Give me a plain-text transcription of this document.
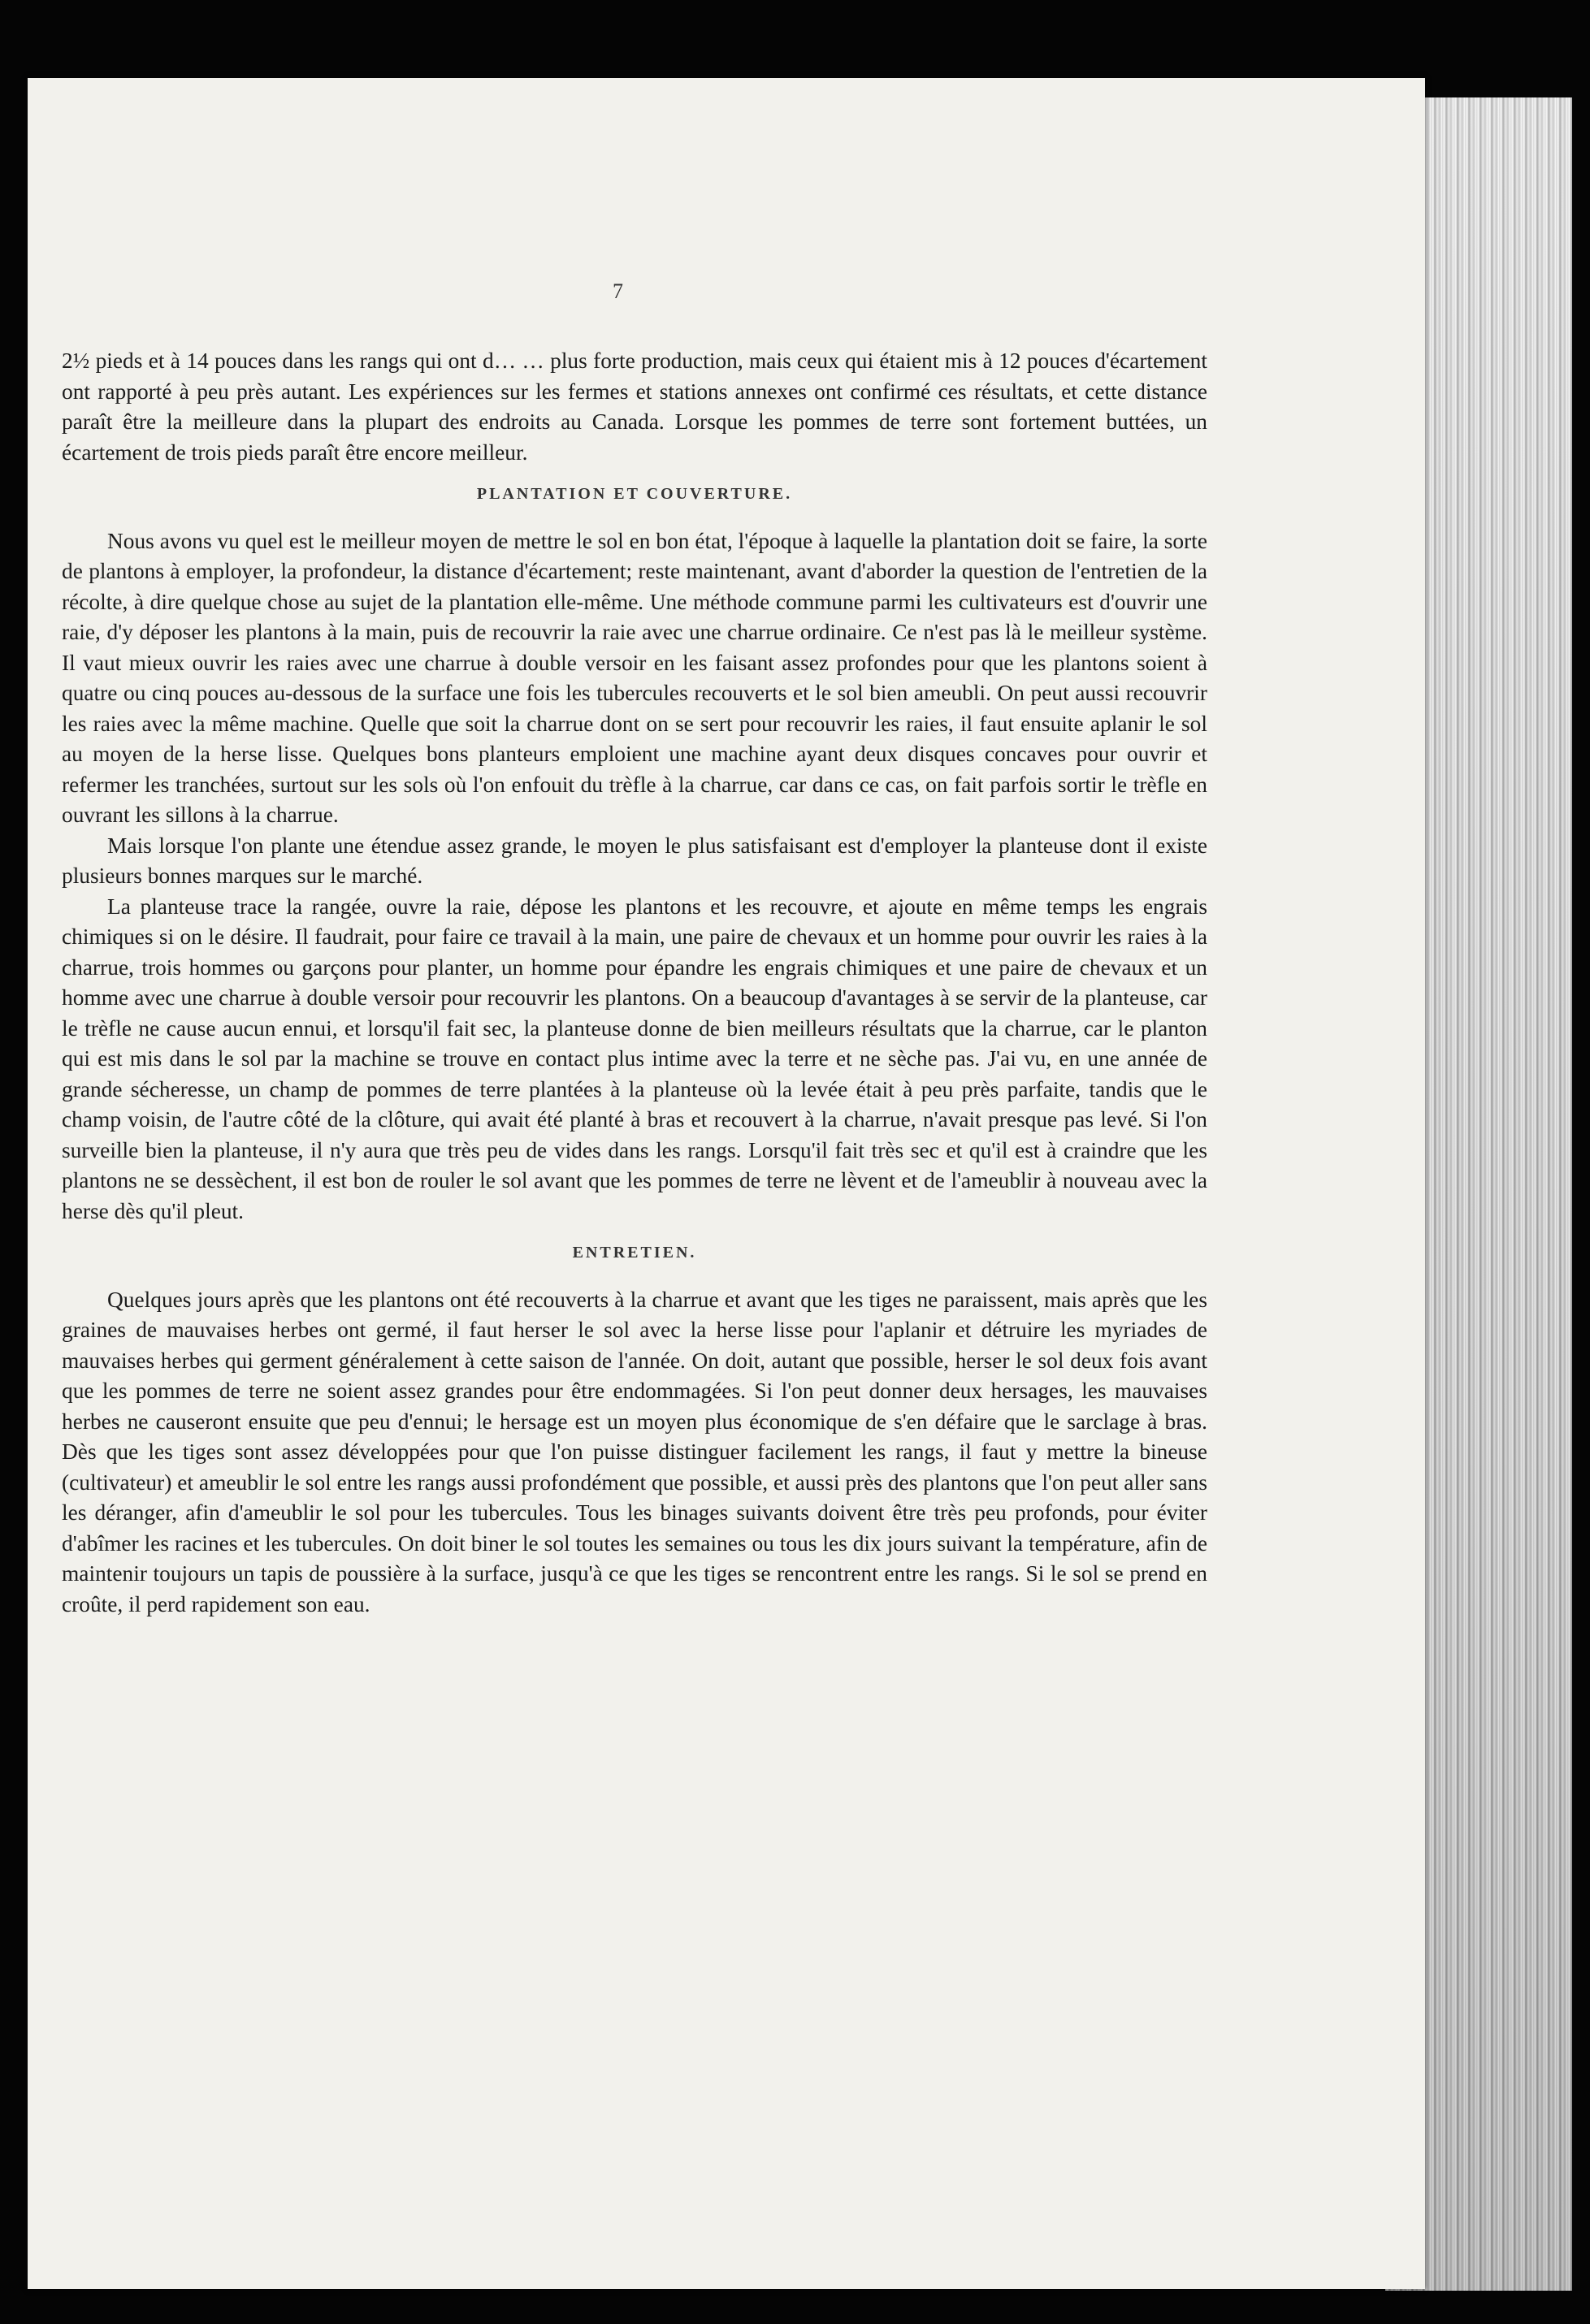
7

2½ pieds et à 14 pouces dans les rangs qui ont d… … plus forte production, mais ceux qui étaient mis à 12 pouces d'écartement ont rapporté à peu près autant. Les expériences sur les fermes et stations annexes ont confirmé ces résultats, et cette distance paraît être la meilleure dans la plupart des endroits au Canada. Lorsque les pommes de terre sont fortement buttées, un écartement de trois pieds paraît être encore meilleur.

PLANTATION ET COUVERTURE.

Nous avons vu quel est le meilleur moyen de mettre le sol en bon état, l'époque à laquelle la plantation doit se faire, la sorte de plantons à employer, la profondeur, la distance d'écartement; reste maintenant, avant d'aborder la question de l'entretien de la récolte, à dire quelque chose au sujet de la plantation elle-même. Une méthode commune parmi les cultivateurs est d'ouvrir une raie, d'y déposer les plantons à la main, puis de recouvrir la raie avec une charrue ordinaire. Ce n'est pas là le meilleur système. Il vaut mieux ouvrir les raies avec une charrue à double versoir en les faisant assez profondes pour que les plantons soient à quatre ou cinq pouces au-dessous de la surface une fois les tubercules recouverts et le sol bien ameubli. On peut aussi recouvrir les raies avec la même machine. Quelle que soit la charrue dont on se sert pour recouvrir les raies, il faut ensuite aplanir le sol au moyen de la herse lisse. Quelques bons planteurs emploient une machine ayant deux disques concaves pour ouvrir et refermer les tranchées, surtout sur les sols où l'on enfouit du trèfle à la charrue, car dans ce cas, on fait parfois sortir le trèfle en ouvrant les sillons à la charrue.

Mais lorsque l'on plante une étendue assez grande, le moyen le plus satisfaisant est d'employer la planteuse dont il existe plusieurs bonnes marques sur le marché.

La planteuse trace la rangée, ouvre la raie, dépose les plantons et les recouvre, et ajoute en même temps les engrais chimiques si on le désire. Il faudrait, pour faire ce travail à la main, une paire de chevaux et un homme pour ouvrir les raies à la charrue, trois hommes ou garçons pour planter, un homme pour épandre les engrais chimiques et une paire de chevaux et un homme avec une charrue à double versoir pour recouvrir les plantons. On a beaucoup d'avantages à se servir de la planteuse, car le trèfle ne cause aucun ennui, et lorsqu'il fait sec, la planteuse donne de bien meilleurs résultats que la charrue, car le planton qui est mis dans le sol par la machine se trouve en contact plus intime avec la terre et ne sèche pas. J'ai vu, en une année de grande sécheresse, un champ de pommes de terre plantées à la planteuse où la levée était à peu près parfaite, tandis que le champ voisin, de l'autre côté de la clôture, qui avait été planté à bras et recouvert à la charrue, n'avait presque pas levé. Si l'on surveille bien la planteuse, il n'y aura que très peu de vides dans les rangs. Lorsqu'il fait très sec et qu'il est à craindre que les plantons ne se dessèchent, il est bon de rouler le sol avant que les pommes de terre ne lèvent et de l'ameublir à nouveau avec la herse dès qu'il pleut.

ENTRETIEN.

Quelques jours après que les plantons ont été recouverts à la charrue et avant que les tiges ne paraissent, mais après que les graines de mauvaises herbes ont germé, il faut herser le sol avec la herse lisse pour l'aplanir et détruire les myriades de mauvaises herbes qui germent généralement à cette saison de l'année. On doit, autant que possible, herser le sol deux fois avant que les pommes de terre ne soient assez grandes pour être endommagées. Si l'on peut donner deux hersages, les mauvaises herbes ne causeront ensuite que peu d'ennui; le hersage est un moyen plus économique de s'en défaire que le sarclage à bras. Dès que les tiges sont assez développées pour que l'on puisse distinguer facilement les rangs, il faut y mettre la bineuse (cultivateur) et ameublir le sol entre les rangs aussi profondément que possible, et aussi près des plantons que l'on peut aller sans les déranger, afin d'ameublir le sol pour les tubercules. Tous les binages suivants doivent être très peu profonds, pour éviter d'abîmer les racines et les tubercules. On doit biner le sol toutes les semaines ou tous les dix jours suivant la température, afin de maintenir toujours un tapis de poussière à la surface, jusqu'à ce que les tiges se rencontrent entre les rangs. Si le sol se prend en croûte, il perd rapidement son eau.
